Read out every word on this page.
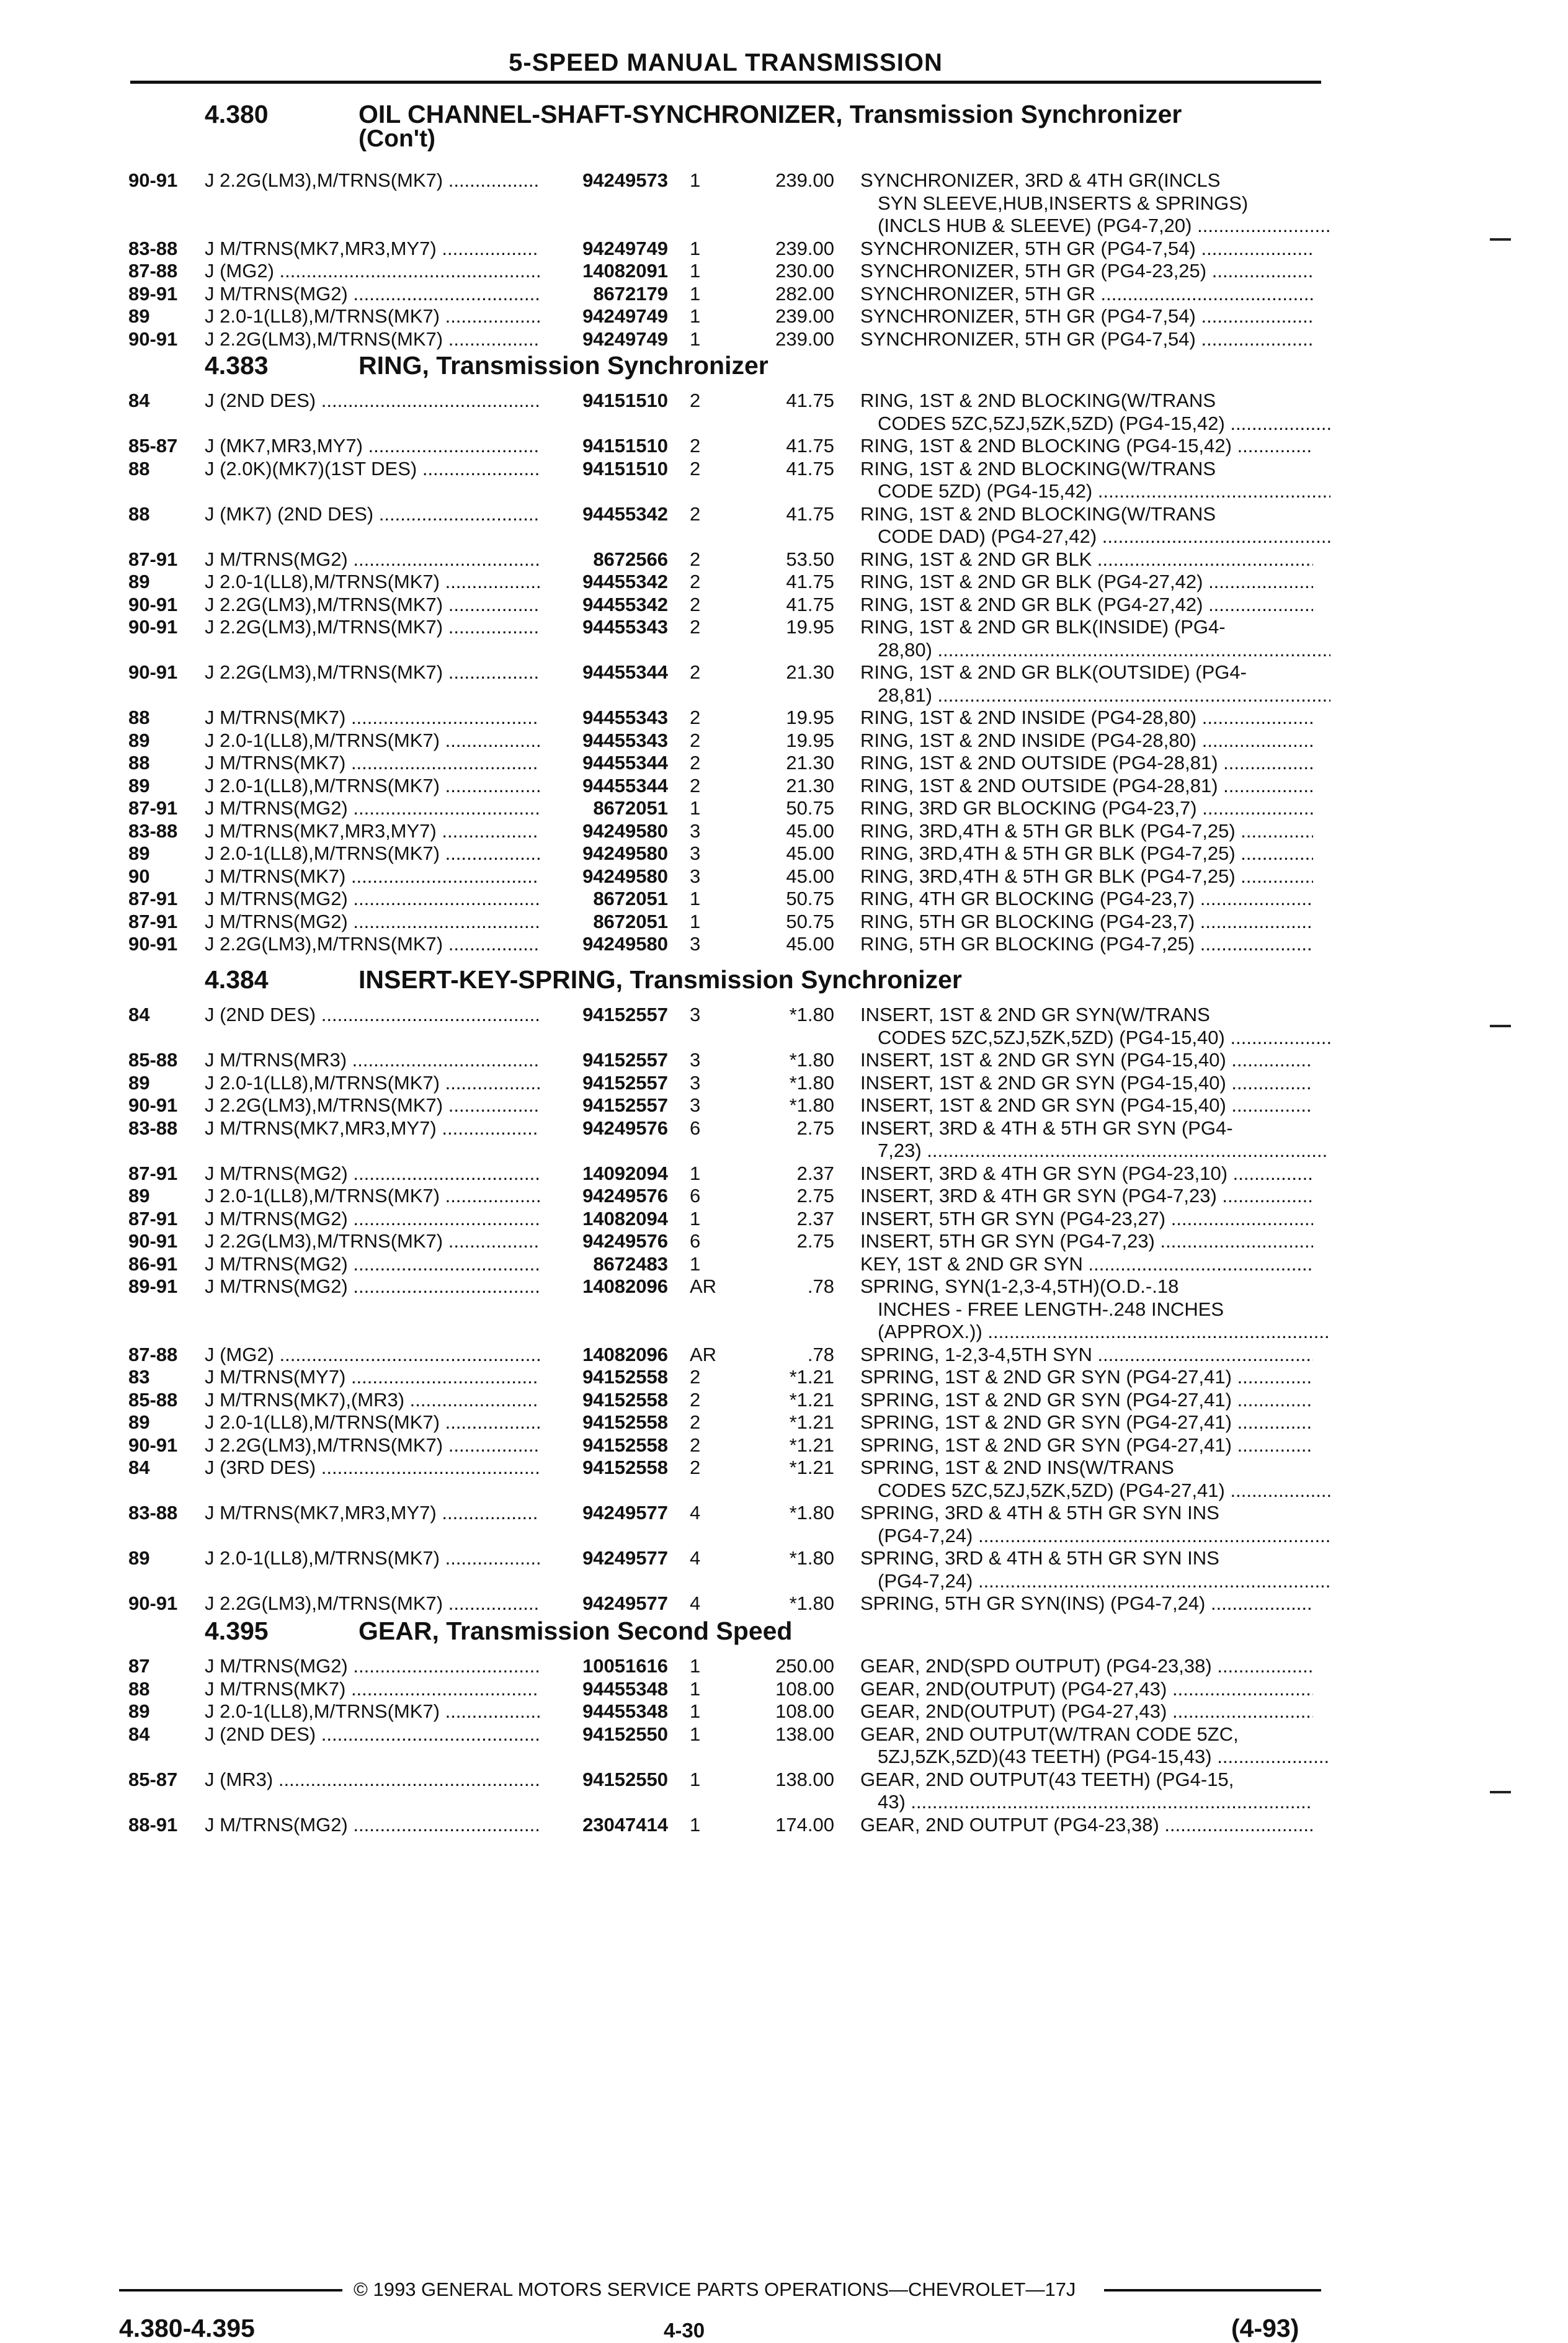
5-SPEED MANUAL TRANSMISSION
4.380	OIL CHANNEL-SHAFT-SYNCHRONIZER, Transmission Synchronizer
(Con't)
90-91 J 2.2G(LM3),M/TRNS(MK7) .....	94249573 1	239.00 SYNCHRONIZER, 3RD & 4TH GR(INCLS
SYN SLEEVE,HUB,INSERTS & SPRINGS)
(INCLS HUB & SLEEVE) (PG4-7,20) .....
83-88 J M/TRNS(MK7,MR3,MY7) .....	94249749 1	239.00 SYNCHRONIZER, 5TH GR (PG4-7,54) .....
87-88 J (MG2) .....	14082091 1	230.00 SYNCHRONIZER, 5TH GR (PG4-23,25) .....
89-91 J M/TRNS(MG2) .....	8672179 1	282.00 SYNCHRONIZER, 5TH GR .....
89	J 2.0-1(LL8),M/TRNS(MK7) .....	94249749 1	239.00 SYNCHRONIZER, 5TH GR (PG4-7,54) .....
90-91 J 2.2G(LM3),M/TRNS(MK7) .....	94249749 1	239.00 SYNCHRONIZER, 5TH GR (PG4-7,54) .....
4.383	RING, Transmission Synchronizer
84	J (2ND DES) .....	94151510 2	41.75 RING, 1ST & 2ND BLOCKING(W/TRANS
CODES 5ZC,5ZJ,5ZK,5ZD) (PG4-15,42) .....
85-87 J (MK7,MR3,MY7) .....	94151510 2	41.75 RING, 1ST & 2ND BLOCKING (PG4-15,42) .....
88	J (2.0K)(MK7)(1ST DES) .....	94151510 2	41.75 RING, 1ST & 2ND BLOCKING(W/TRANS
CODE 5ZD) (PG4-15,42) .....
88	J (MK7) (2ND DES) .....	94455342 2	41.75 RING, 1ST & 2ND BLOCKING(W/TRANS
CODE DAD) (PG4-27,42) .....
87-91 J M/TRNS(MG2) .....	8672566 2	53.50 RING, 1ST & 2ND GR BLK .....
89	J 2.0-1(LL8),M/TRNS(MK7) .....	94455342 2	41.75 RING, 1ST & 2ND GR BLK (PG4-27,42) .....
90-91 J 2.2G(LM3),M/TRNS(MK7) .....	94455342 2	41.75 RING, 1ST & 2ND GR BLK (PG4-27,42) .....
90-91 J 2.2G(LM3),M/TRNS(MK7) .....	94455343 2	19.95 RING, 1ST & 2ND GR BLK(INSIDE) (PG4-
28,80) .....
90-91 J 2.2G(LM3),M/TRNS(MK7) .....	94455344 2	21.30 RING, 1ST & 2ND GR BLK(OUTSIDE) (PG4-
28,81) .....
88	J M/TRNS(MK7) .....	94455343 2	19.95 RING, 1ST & 2ND INSIDE (PG4-28,80) .....
89	J 2.0-1(LL8),M/TRNS(MK7) .....	94455343 2	19.95 RING, 1ST & 2ND INSIDE (PG4-28,80) .....
88	J M/TRNS(MK7) .....	94455344 2	21.30 RING, 1ST & 2ND OUTSIDE (PG4-28,81) .....
89	J 2.0-1(LL8),M/TRNS(MK7) .....	94455344 2	21.30 RING, 1ST & 2ND OUTSIDE (PG4-28,81) .....
87-91 J M/TRNS(MG2) .....	8672051 1	50.75 RING, 3RD GR BLOCKING (PG4-23,7) .....
83-88 J M/TRNS(MK7,MR3,MY7) .....	94249580 3	45.00 RING, 3RD,4TH & 5TH GR BLK (PG4-7,25) .....
89	J 2.0-1(LL8),M/TRNS(MK7) .....	94249580 3	45.00 RING, 3RD,4TH & 5TH GR BLK (PG4-7,25) .....
90	J M/TRNS(MK7) .....	94249580 3	45.00 RING, 3RD,4TH & 5TH GR BLK (PG4-7,25) .....
87-91 J M/TRNS(MG2) .....	8672051 1	50.75 RING, 4TH GR BLOCKING (PG4-23,7) .....
87-91 J M/TRNS(MG2) .....	8672051 1	50.75 RING, 5TH GR BLOCKING (PG4-23,7) .....
90-91 J 2.2G(LM3),M/TRNS(MK7) .....	94249580 3	45.00 RING, 5TH GR BLOCKING (PG4-7,25) .....
4.384	INSERT-KEY-SPRING, Transmission Synchronizer
84	J (2ND DES) .....	94152557 3	*1.80 INSERT, 1ST & 2ND GR SYN(W/TRANS
CODES 5ZC,5ZJ,5ZK,5ZD) (PG4-15,40) .....
85-88 J M/TRNS(MR3) .....	94152557 3	*1.80 INSERT, 1ST & 2ND GR SYN (PG4-15,40) .....
89	J 2.0-1(LL8),M/TRNS(MK7) .....	94152557 3	*1.80 INSERT, 1ST & 2ND GR SYN (PG4-15,40) .....
90-91 J 2.2G(LM3),M/TRNS(MK7) .....	94152557 3	*1.80 INSERT, 1ST & 2ND GR SYN (PG4-15,40) .....
83-88 J M/TRNS(MK7,MR3,MY7) .....	94249576 6	2.75 INSERT, 3RD & 4TH & 5TH GR SYN (PG4-
7,23) .....
87-91 J M/TRNS(MG2) .....	14092094 1	2.37 INSERT, 3RD & 4TH GR SYN (PG4-23,10) .....
89	J 2.0-1(LL8),M/TRNS(MK7) .....	94249576 6	2.75 INSERT, 3RD & 4TH GR SYN (PG4-7,23) .....
87-91 J M/TRNS(MG2) .....	14082094 1	2.37 INSERT, 5TH GR SYN (PG4-23,27) .....
90-91 J 2.2G(LM3),M/TRNS(MK7) .....	94249576 6	2.75 INSERT, 5TH GR SYN (PG4-7,23) .....
86-91 J M/TRNS(MG2) .....	8672483 1	KEY, 1ST & 2ND GR SYN .....
89-91 J M/TRNS(MG2) .....	14082096 AR	.78 SPRING, SYN(1-2,3-4,5TH)(O.D.-.18
INCHES - FREE LENGTH-.248 INCHES
(APPROX.)) .....
87-88 J (MG2) .....	14082096 AR	.78 SPRING, 1-2,3-4,5TH SYN .....
83	J M/TRNS(MY7) .....	94152558 2	*1.21 SPRING, 1ST & 2ND GR SYN (PG4-27,41) .....
85-88 J M/TRNS(MK7),(MR3) .....	94152558 2	*1.21 SPRING, 1ST & 2ND GR SYN (PG4-27,41) .....
89	J 2.0-1(LL8),M/TRNS(MK7) .....	94152558 2	*1.21 SPRING, 1ST & 2ND GR SYN (PG4-27,41) .....
90-91 J 2.2G(LM3),M/TRNS(MK7) .....	94152558 2	*1.21 SPRING, 1ST & 2ND GR SYN (PG4-27,41) .....
84	J (3RD DES) .....	94152558 2	*1.21 SPRING, 1ST & 2ND INS(W/TRANS
CODES 5ZC,5ZJ,5ZK,5ZD) (PG4-27,41) .....
83-88 J M/TRNS(MK7,MR3,MY7) .....	94249577 4	*1.80 SPRING, 3RD & 4TH & 5TH GR SYN INS
(PG4-7,24) .....
89	J 2.0-1(LL8),M/TRNS(MK7) .....	94249577 4	*1.80 SPRING, 3RD & 4TH & 5TH GR SYN INS
(PG4-7,24) .....
90-91 J 2.2G(LM3),M/TRNS(MK7) .....	94249577 4	*1.80 SPRING, 5TH GR SYN(INS) (PG4-7,24) .....
4.395	GEAR, Transmission Second Speed
87	J M/TRNS(MG2) .....	10051616 1	250.00 GEAR, 2ND(SPD OUTPUT) (PG4-23,38) .....
88	J M/TRNS(MK7) .....	94455348 1	108.00 GEAR, 2ND(OUTPUT) (PG4-27,43) .....
89	J 2.0-1(LL8),M/TRNS(MK7) .....	94455348 1	108.00 GEAR, 2ND(OUTPUT) (PG4-27,43) .....
84	J (2ND DES) .....	94152550 1	138.00 GEAR, 2ND OUTPUT(W/TRAN CODE 5ZC,
5ZJ,5ZK,5ZD)(43 TEETH) (PG4-15,43) .....
85-87 J (MR3) .....	94152550 1	138.00 GEAR, 2ND OUTPUT(43 TEETH) (PG4-15,
43) .....
88-91 J M/TRNS(MG2) .....	23047414 1	174.00 GEAR, 2ND OUTPUT (PG4-23,38) .....
© 1993 GENERAL MOTORS SERVICE PARTS OPERATIONS—CHEVROLET—17J
4.380-4.395	4-30	(4-93)
